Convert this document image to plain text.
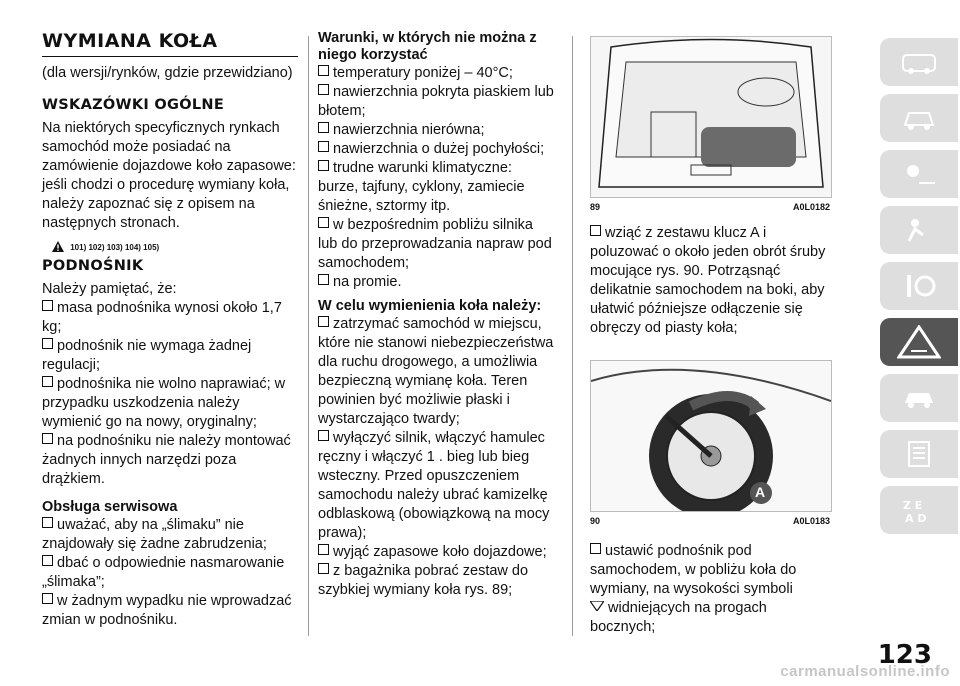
WYMIANA KOŁA

(dla wersji/rynków, gdzie przewidziano)

WSKAZÓWKI OGÓLNE

Na niektórych specyficznych rynkach samochód może posiadać na zamówienie dojazdowe koło zapasowe: jeśli chodzi o procedurę wymiany koła, należy zapoznać się z opisem na następnych stronach.

101) 102) 103) 104) 105)
PODNOŚNIK

Należy pamiętać, że:

masa podnośnika wynosi około 1,7 kg;
podnośnik nie wymaga żadnej regulacji;
podnośnika nie wolno naprawiać; w przypadku uszkodzenia należy wymienić go na nowy, oryginalny;
na podnośniku nie należy montować żadnych innych narzędzi poza drążkiem.
Obsługa serwisowa
uważać, aby na „ślimaku” nie znajdowały się żadne zabrudzenia;
dbać o odpowiednie nasmarowanie „ślimaka”;
w żadnym wypadku nie wprowadzać zmian w podnośniku.
Warunki, w których nie można z niego korzystać
temperatury poniżej – 40°C;
nawierzchnia pokryta piaskiem lub błotem;
nawierzchnia nierówna;
nawierzchnia o dużej pochyłości;
trudne warunki klimatyczne: burze, tajfuny, cyklony, zamiecie śnieżne, sztormy itp.
w bezpośrednim pobliżu silnika lub do przeprowadzania napraw pod samochodem;
na promie.
W celu wymienienia koła należy:
zatrzymać samochód w miejscu, które nie stanowi niebezpieczeństwa dla ruchu drogowego, a umożliwia bezpieczną wymianę koła. Teren powinien być możliwie płaski i wystarczająco twardy;
wyłączyć silnik, włączyć hamulec ręczny i włączyć 1 . bieg lub bieg wsteczny. Przed opuszczeniem samochodu należy ubrać kamizelkę odblaskową (obowiązkową na mocy prawa);
wyjąć zapasowe koło dojazdowe;
z bagażnika pobrać zestaw do szybkiej wymiany koła rys. 89;
89	A0L0182
wziąć z zestawu klucz A i poluzować o około jeden obrót śruby mocujące rys. 90. Potrząsnąć delikatnie samochodem na boki, aby ułatwić późniejsze odłączenie się obręczy od piasty koła;
A
90	A0L0183
ustawić podnośnik pod samochodem, w pobliżu koła do wymiany, na wysokości symboli
widniejących na progach bocznych;
Z E
A D
123
carmanualsonline.info
